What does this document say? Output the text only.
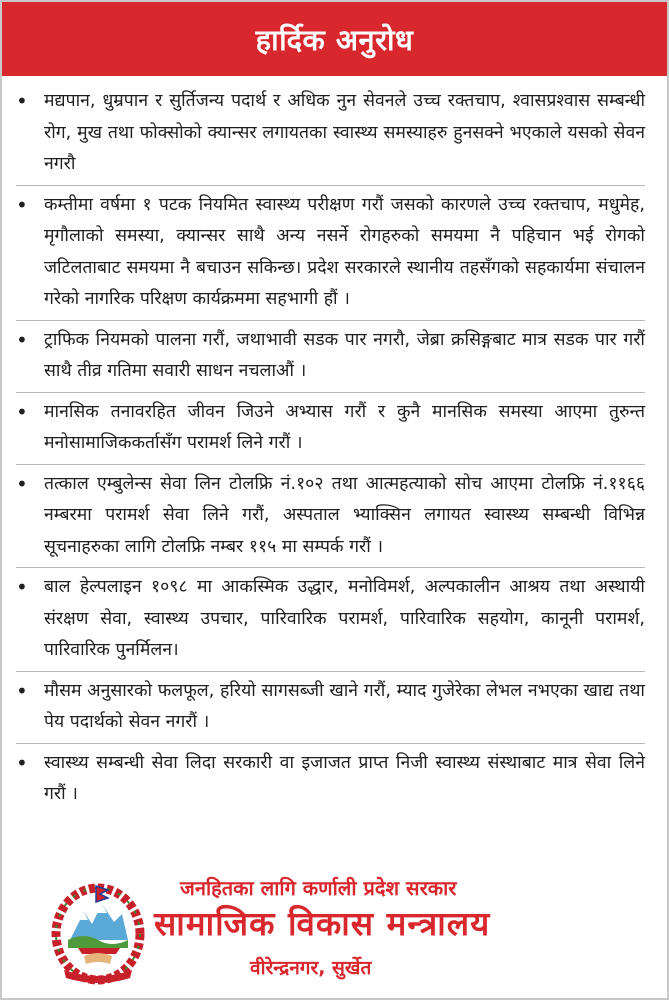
हार्दिक अनुरोध
• मद्यपान, धुम्रपान र सुर्तिजन्य पदार्थ र अधिक नुन सेवनले उच्च रक्तचाप, श्वासप्रश्वास सम्बन्धी रोग, मुख तथा फोक्सोको क्यान्सर लगायतका स्वास्थ्य समस्याहरु हुनसक्ने भएकाले यसको सेवन नगरौ
• कम्तीमा वर्षमा १ पटक नियमित स्वास्थ्य परीक्षण गरौं जसको कारणले उच्च रक्तचाप, मधुमेह, मृगौलाको समस्या, क्यान्सर साथै अन्य नसर्ने रोगहरुको समयमा नै पहिचान भई रोगको जटिलताबाट समयमा नै बचाउन सकिन्छ। प्रदेश सरकारले स्थानीय तहसँगको सहकार्यमा संचालन गरेको नागरिक परिक्षण कार्यक्रममा सहभागी हौं ।
• ट्राफिक नियमको पालना गरौं, जथाभावी सडक पार नगरौ, जेब्रा क्रसिङ्गबाट मात्र सडक पार गरौं साथै तीव्र गतिमा सवारी साधन नचलाऔं ।
• मानसिक तनावरहित जीवन जिउने अभ्यास गरौं र कुनै मानसिक समस्या आएमा तुरुन्त मनोसामाजिककर्तासँग परामर्श लिने गरौं ।
• तत्काल एम्बुलेन्स सेवा लिन टोलफ्रि नं.१०२ तथा आत्महत्याको सोच आएमा टोलफ्रि नं.११६६ नम्बरमा परामर्श सेवा लिने गरौं, अस्पताल भ्याक्सिन लगायत स्वास्थ्य सम्बन्धी विभिन्न सूचनाहरुका लागि टोलफ्रि नम्बर ११५ मा सम्पर्क गरौं ।
• बाल हेल्पलाइन १०९८ मा आकस्मिक उद्धार, मनोविमर्श, अल्पकालीन आश्रय तथा अस्थायी संरक्षण सेवा, स्वास्थ्य उपचार, पारिवारिक परामर्श, पारिवारिक सहयोग, कानूनी परामर्श, पारिवारिक पुनर्मिलन।
• मौसम अनुसारको फलफूल, हरियो सागसब्जी खाने गरौं, म्याद गुजेरेका लेभल नभएका खाद्य तथा पेय पदार्थको सेवन नगरौं ।
• स्वास्थ्य सम्बन्धी सेवा लिदा सरकारी वा इजाजत प्राप्त निजी स्वास्थ्य संस्थाबाट मात्र सेवा लिने गरौं ।
जनहितका लागि कर्णाली प्रदेश सरकार
सामाजिक विकास मन्त्रालय
वीरेन्द्रनगर, सुर्खेत
